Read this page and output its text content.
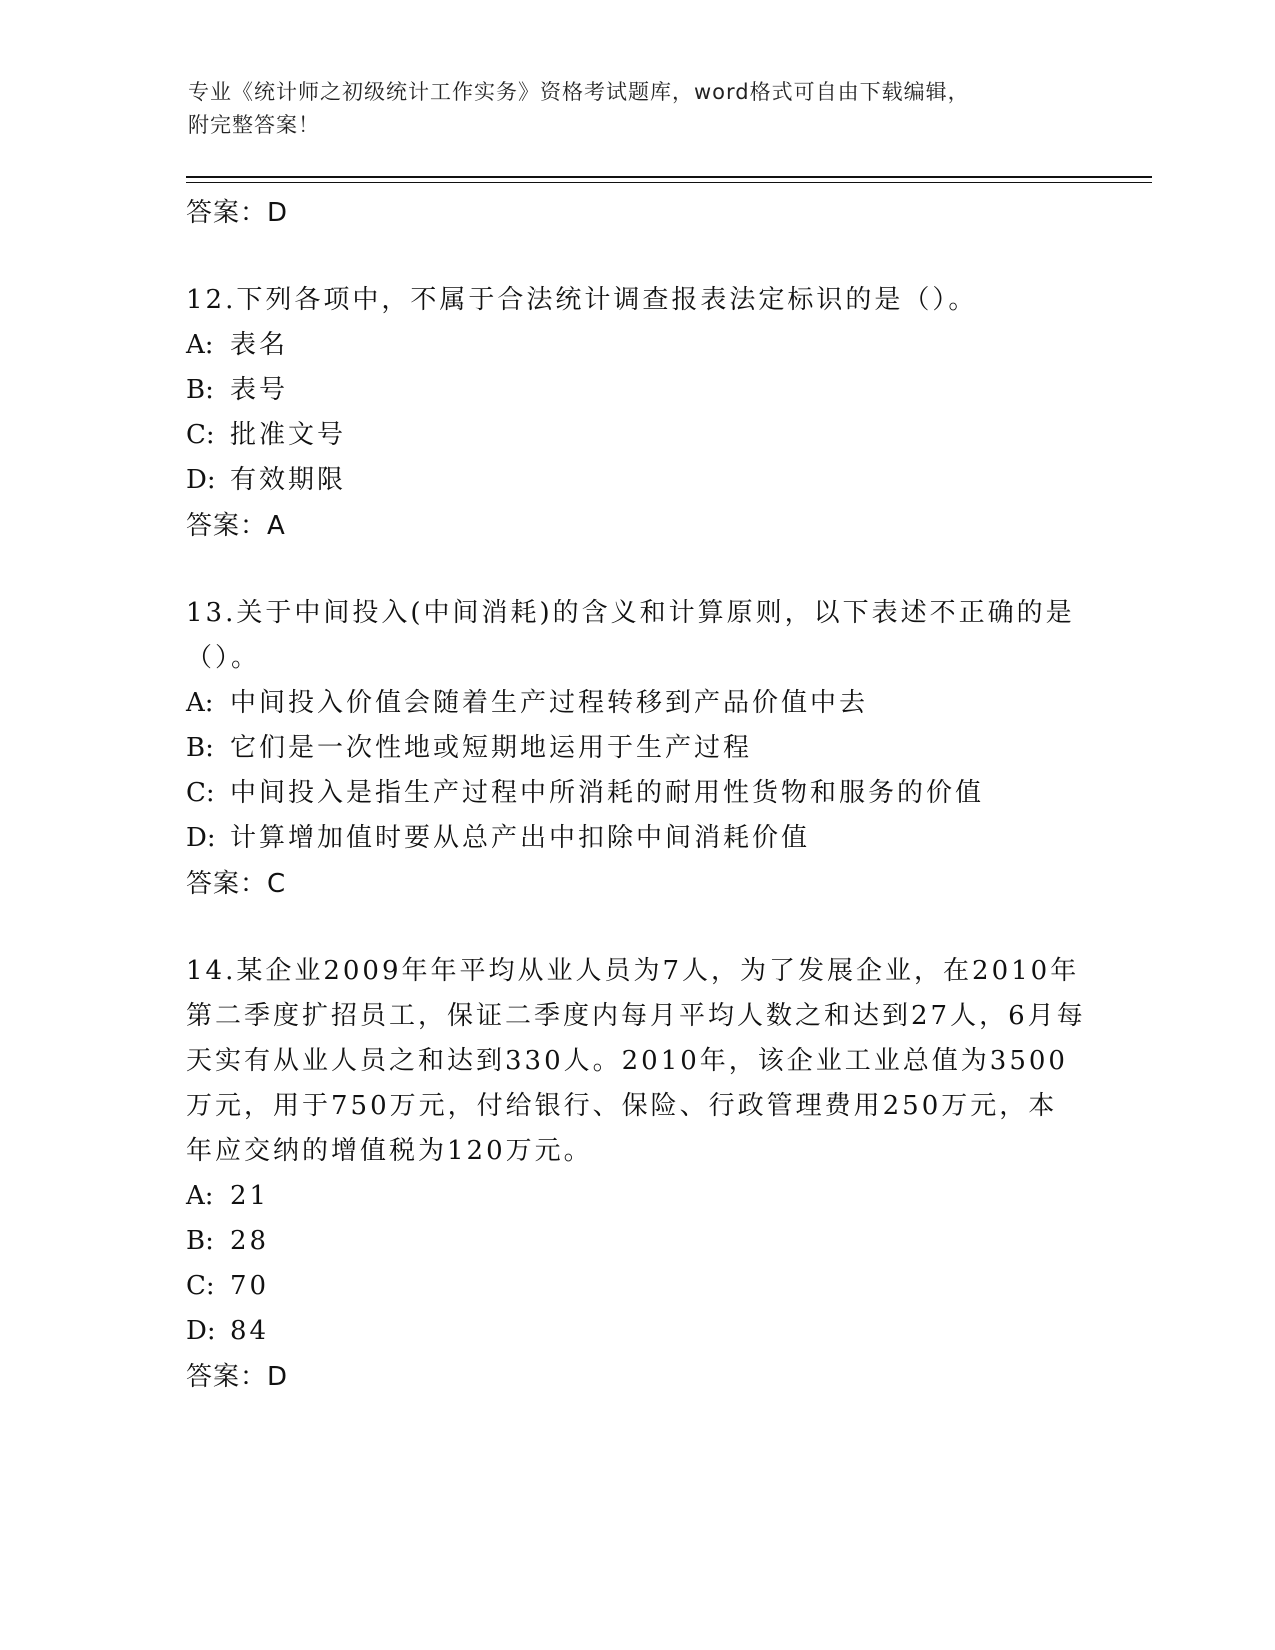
专业《统计师之初级统计工作实务》资格考试题库，word格式可自由下载编辑，
附完整答案！
答案：D
12.下列各项中，不属于合法统计调查报表法定标识的是（）。
A: 表名
B: 表号
C: 批准文号
D: 有效期限
答案：A
13.关于中间投入(中间消耗)的含义和计算原则，以下表述不正确的是（）。
A: 中间投入价值会随着生产过程转移到产品价值中去
B: 它们是一次性地或短期地运用于生产过程
C: 中间投入是指生产过程中所消耗的耐用性货物和服务的价值
D: 计算增加值时要从总产出中扣除中间消耗价值
答案：C
14.某企业2009年年平均从业人员为7人，为了发展企业，在2010年第二季度扩招员工，保证二季度内每月平均人数之和达到27人，6月每天实有从业人员之和达到330人。2010年，该企业工业总值为3500万元，用于750万元，付给银行、保险、行政管理费用250万元，本年应交纳的增值税为120万元。
A: 21
B: 28
C: 70
D: 84
答案：D
